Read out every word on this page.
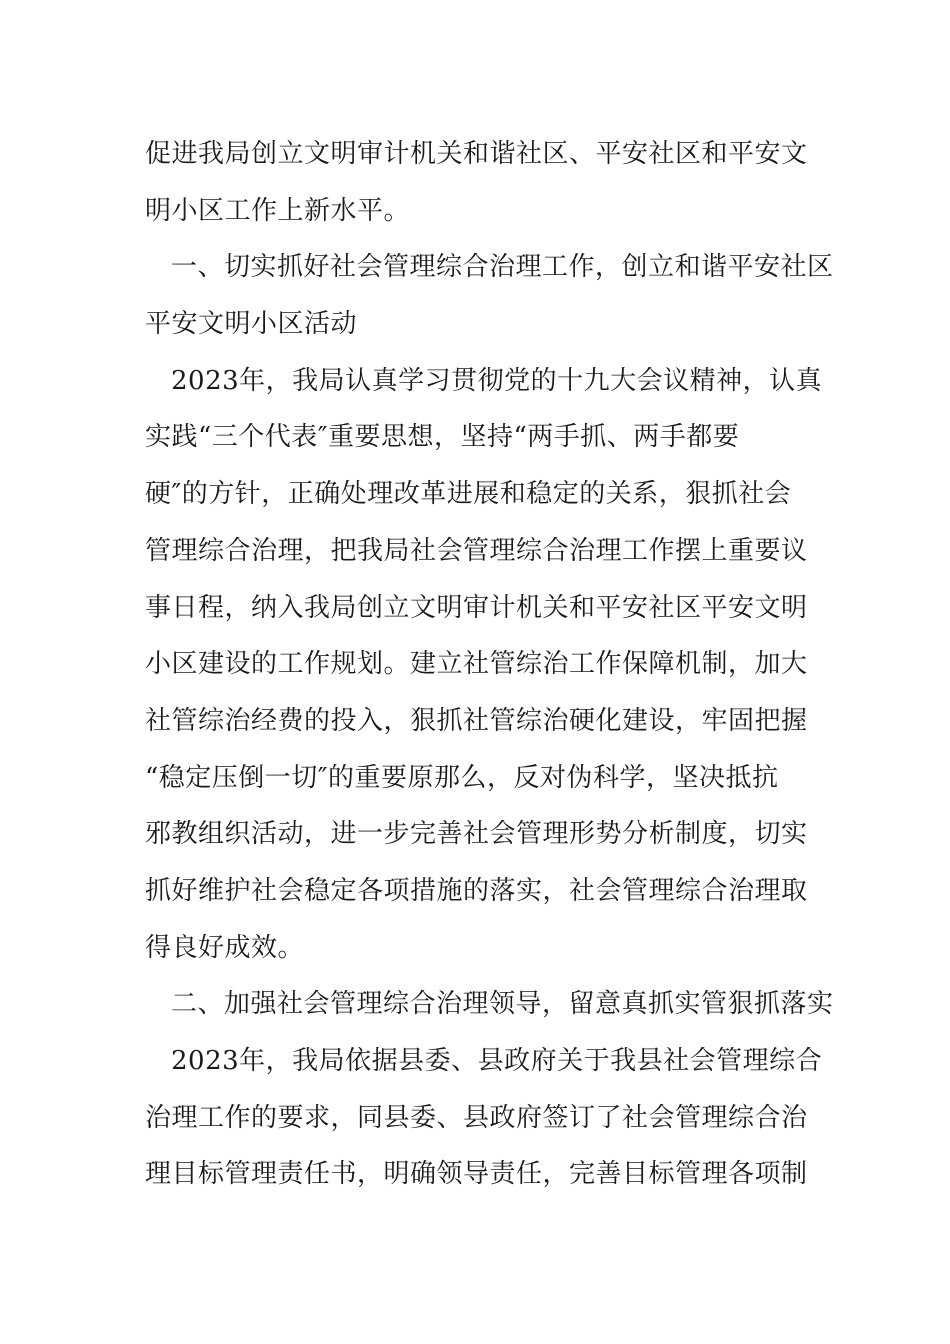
促进我局创立文明审计机关和谐社区、平安社区和平安文
明小区工作上新水平。
一、切实抓好社会管理综合治理工作，创立和谐平安社区
平安文明小区活动
2023年，我局认真学习贯彻党的十九大会议精神，认真
实践“三个代表″重要思想，坚持“两手抓、两手都要
硬″的方针，正确处理改革进展和稳定的关系，狠抓社会
管理综合治理，把我局社会管理综合治理工作摆上重要议
事日程，纳入我局创立文明审计机关和平安社区平安文明
小区建设的工作规划。建立社管综治工作保障机制，加大
社管综治经费的投入，狠抓社管综治硬化建设，牢固把握
“稳定压倒一切″的重要原那么，反对伪科学，坚决抵抗
邪教组织活动，进一步完善社会管理形势分析制度，切实
抓好维护社会稳定各项措施的落实，社会管理综合治理取
得良好成效。
二、加强社会管理综合治理领导，留意真抓实管狠抓落实
2023年，我局依据县委、县政府关于我县社会管理综合
治理工作的要求，同县委、县政府签订了社会管理综合治
理目标管理责任书，明确领导责任，完善目标管理各项制
